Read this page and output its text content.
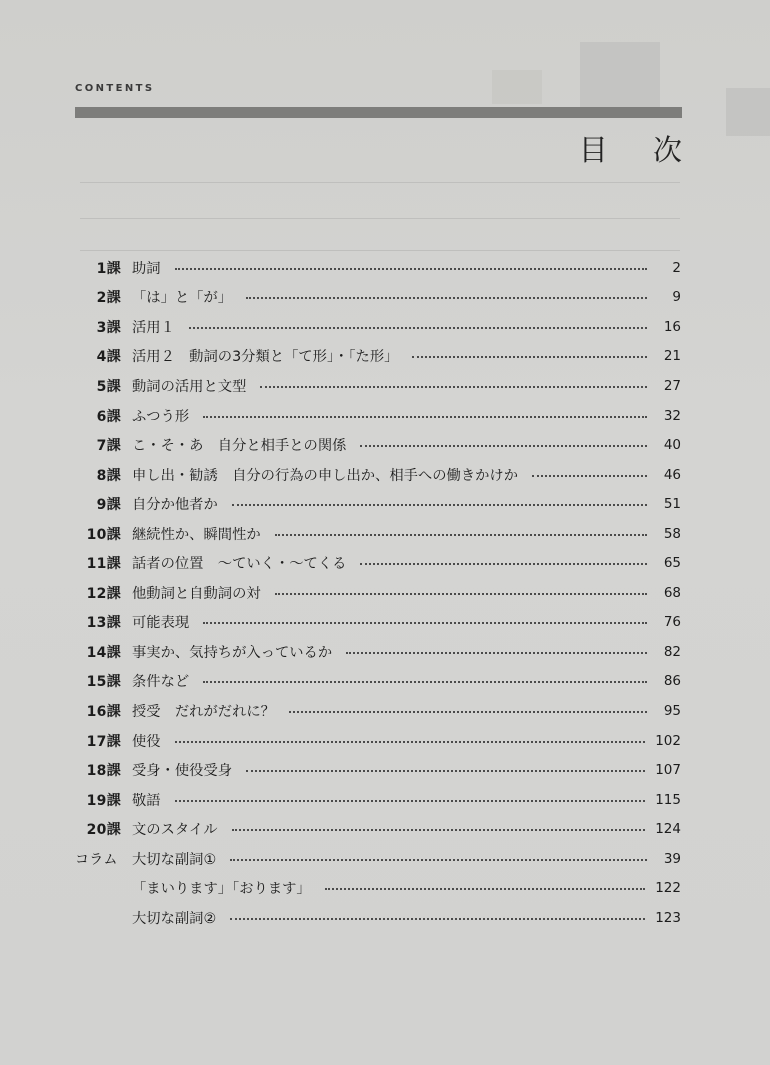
CONTENTS
目 次
1課 助詞	2
2課 「は」と「が」	9
3課 活用１	16
4課 活用２　動詞の3分類と「て形」・「た形」	21
5課 動詞の活用と文型	27
6課 ふつう形	32
7課 こ・そ・あ　自分と相手との関係	40
8課 申し出・勧誘　自分の行為の申し出か、相手への働きかけか	46
9課 自分か他者か	51
10課 継続性か、瞬間性か	58
11課 話者の位置　〜ていく・〜てくる	65
12課 他動詞と自動詞の対	68
13課 可能表現	76
14課 事実か、気持ちが入っているか	82
15課 条件など	86
16課 授受　だれがだれに？	95
17課 使役	102
18課 受身・使役受身	107
19課 敬語	115
20課 文のスタイル	124
コラム 大切な副詞①	39
「まいります」「おります」	122
大切な副詞②	123
